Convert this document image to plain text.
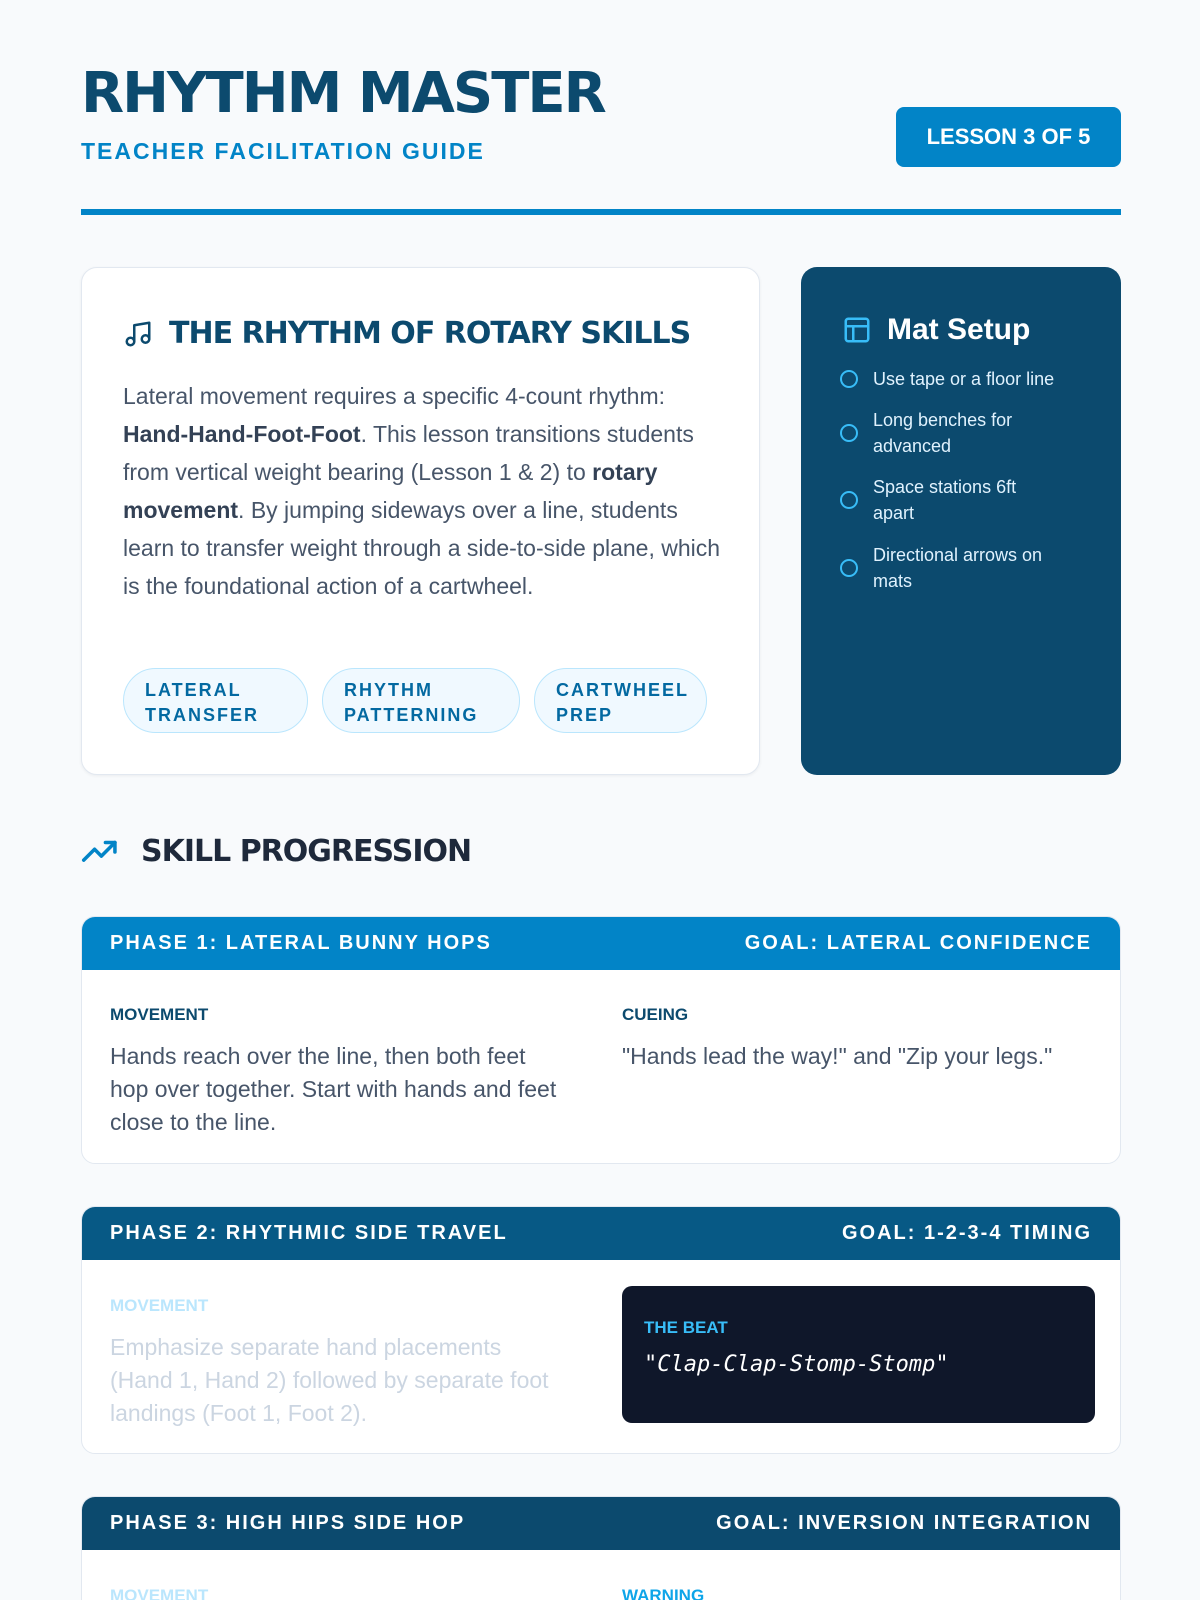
RHYTHM MASTER
TEACHER FACILITATION GUIDE
LESSON 3 OF 5
THE RHYTHM OF ROTARY SKILLS

Lateral movement requires a specific 4-count rhythm: Hand-Hand-Foot-Foot. This lesson transitions students from vertical weight bearing (Lesson 1 & 2) to rotary movement. By jumping sideways over a line, students learn to transfer weight through a side-to-side plane, which is the foundational action of a cartwheel.

LATERAL
TRANSFER
RHYTHM
PATTERNING
CARTWHEEL
PREP
Mat Setup
Use tape or a floor line
Long benches for advanced
Space stations 6ft apart
Directional arrows on mats
SKILL PROGRESSION
PHASE 1: LATERAL BUNNY HOPS	GOAL: LATERAL CONFIDENCE
MOVEMENT
Hands reach over the line, then both feet hop over together. Start with hands and feet close to the line.
CUEING
"Hands lead the way!" and "Zip your legs."
PHASE 2: RHYTHMIC SIDE TRAVEL	GOAL: 1-2-3-4 TIMING
MOVEMENT
Emphasize separate hand placements (Hand 1, Hand 2) followed by separate foot landings (Foot 1, Foot 2).
THE BEAT
"Clap-Clap-Stomp-Stomp"
PHASE 3: HIGH HIPS SIDE HOP	GOAL: INVERSION INTEGRATION
MOVEMENT	WARNING
